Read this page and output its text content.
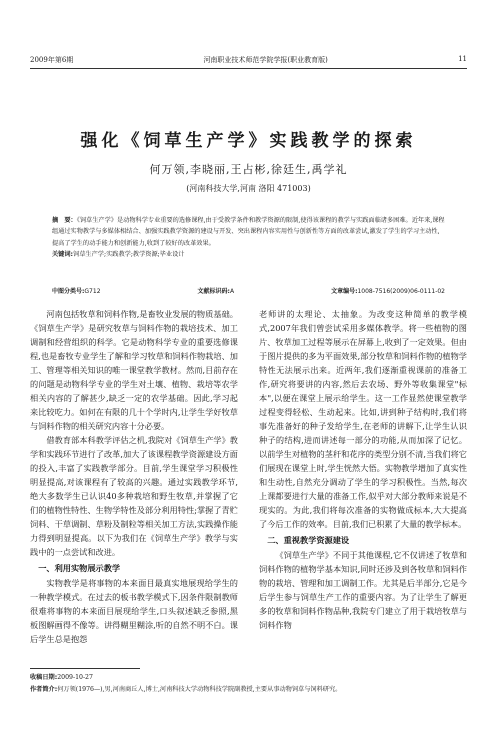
2009年第6期	河南职业技术师范学院学报(职业教育版)	11
强化《饲草生产学》实践教学的探索
何万领,李晓丽,王占彬,徐廷生,禹学礼
(河南科技大学,河南 洛阳 471003)
摘　要：《饲草生产学》是动物科学专业重要的选修课程,由于受教学条件和教学资源的限制,使得该课程的教学与实践面临诸多困难。近年来,课程组通过实物教学与多媒体相结合、加强实践教学资源的建设与开发、突出课程内容实用性与创新性等方面的改革尝试,激发了学生的学习主动性,提高了学生的动手能力和创新能力,收到了较好的改革效果。
关键词:饲草生产学;实践教学;教学资源;毕业设计
中图分类号:G712	文献标识码:A	文章编号:1008-7516(2009)06-0111-02

河南包括牧草和饲料作物,是畜牧业发展的物质基础。《饲草生产学》是研究牧草与饲料作物的栽培技术、加工调制和经营组织的科学。它是动物科学专业的重要选修课程,也是畜牧专业学生了解和学习牧草和饲料作物栽培、加工、管理等相关知识的唯一课堂教学教材。然而,目前存在的问题是动物科学专业的学生对土壤、植物、栽培等农学相关内容的了解甚少,缺乏一定的农学基础。因此,学习起来比较吃力。如何在有限的几十个学时内,让学生学好牧草与饲料作物的相关研究内容十分必要。

借教育部本科教学评估之机,我院对《饲草生产学》教学和实践环节进行了改革,加大了该课程教学资源建设方面的投入,丰富了实践教学部分。目前,学生课堂学习积极性明显提高,对该课程有了较高的兴趣。通过实践教学环节,绝大多数学生已认识40多种栽培和野生牧草,并掌握了它们的植物性特性、生物学特性及部分利用特性;掌握了青贮饲料、干草调制、草粉及制粒等相关加工方法,实践操作能力得到明显提高。以下为我们在《饲草生产学》教学与实践中的一点尝试和改进。

一、利用实物展示教学

实物教学是将事物的本来面目最真实地展现给学生的一种教学模式。在过去的板书教学模式下,因条件限制教师很难将事物的本来面目展现给学生,口头叙述缺乏参照,黑板图解画得不像等。讲得糊里糊涂,听的自然不明不白。课后学生总是抱怨

老师讲的太理论、太抽象。为改变这种简单的教学模式,2007年我们曾尝试采用多媒体教学。将一些植物的图片、牧草加工过程等展示在屏幕上,收到了一定效果。但由于图片提供的多为平面效果,部分牧草和饲料作物的植物学特性无法展示出来。近两年,我们逐渐重视课前的准备工作,研究将要讲的内容,然后去农场、野外等收集课堂"标本",以便在课堂上展示给学生。这一工作显然使课堂教学过程变得轻松、生动起来。比如,讲到种子结构时,我们将事先准备好的种子发给学生,在老师的讲解下,让学生认识种子的结构,进而讲述每一部分的功能,从而加深了记忆。以前学生对植物的茎秆和花序的类型分别不清,当我们将它们展现在课堂上时,学生恍然大悟。实物教学增加了真实性和生动性,自然充分调动了学生的学习积极性。当然,每次上课都要进行大量的准备工作,似乎对大部分教师来说是不现实的。为此,我们将每次准备的实物做成标本,大大提高了今后工作的效率。目前,我们已积累了大量的教学标本。

二、重视教学资源建设

《饲草生产学》不同于其他课程,它不仅讲述了牧草和饲料作物的植物学基本知识,同时还涉及到各牧草和饲料作物的栽培、管理和加工调制工作。尤其是后半部分,它是今后学生参与饲草生产工作的重要内容。为了让学生了解更多的牧草和饲料作物品种,我院专门建立了用于栽培牧草与饲料作物

收稿日期:2009-10-27
作者简介:何万领(1976—),男,河南商丘人,博士,河南科技大学动物科技学院副教授,主要从事动物饲草与饲料研究。
